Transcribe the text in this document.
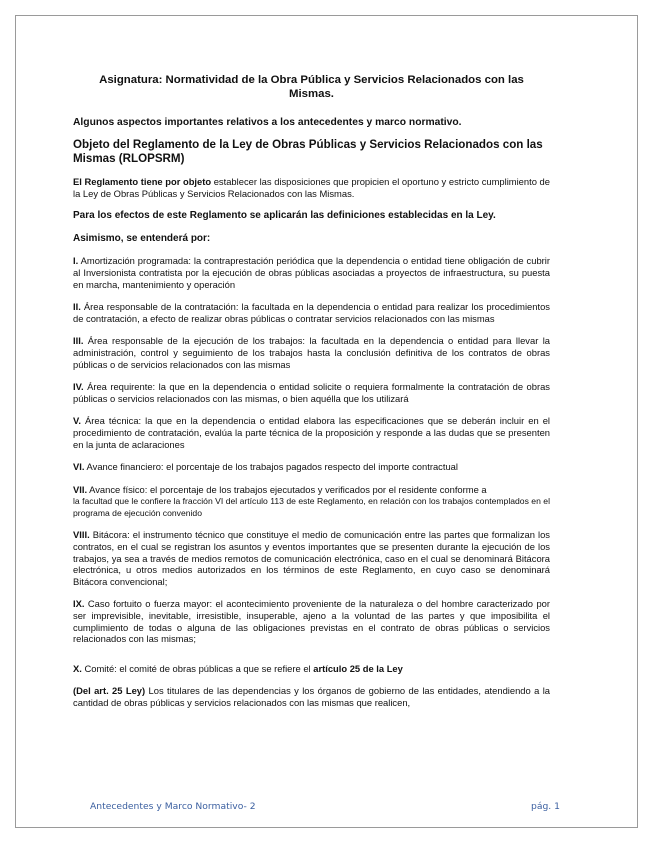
Asignatura: Normatividad de la Obra Pública y Servicios Relacionados con las Mismas.
Algunos aspectos importantes relativos a los antecedentes y marco normativo.
Objeto del Reglamento de la Ley de Obras Públicas y Servicios Relacionados con las Mismas (RLOPSRM)

El Reglamento tiene por objeto establecer las disposiciones que propicien el oportuno y estricto cumplimiento de la Ley de Obras Públicas y Servicios Relacionados con las Mismas.

Para los efectos de este Reglamento se aplicarán las definiciones establecidas en la Ley.

Asimismo, se entenderá por:

I. Amortización programada: la contraprestación periódica que la dependencia o entidad tiene obligación de cubrir al Inversionista contratista por la ejecución de obras públicas asociadas a proyectos de infraestructura, su puesta en marcha, mantenimiento y operación

II. Área responsable de la contratación: la facultada en la dependencia o entidad para realizar los procedimientos de contratación, a efecto de realizar obras públicas o contratar servicios relacionados con las mismas

III. Área responsable de la ejecución de los trabajos: la facultada en la dependencia o entidad para llevar la administración, control y seguimiento de los trabajos hasta la conclusión definitiva de los contratos de obras públicas o de servicios relacionados con las mismas

IV. Área requirente: la que en la dependencia o entidad solicite o requiera formalmente la contratación de obras públicas o servicios relacionados con las mismas, o bien aquélla que los utilizará

V. Área técnica: la que en la dependencia o entidad elabora las especificaciones que se deberán incluir en el procedimiento de contratación, evalúa la parte técnica de la proposición y responde a las dudas que se presenten en la junta de aclaraciones

VI. Avance financiero: el porcentaje de los trabajos pagados respecto del importe contractual

VII. Avance físico: el porcentaje de los trabajos ejecutados y verificados por el residente conforme a
la facultad que le confiere la fracción VI del artículo 113 de este Reglamento, en relación con los trabajos contemplados en el programa de ejecución convenido

VIII. Bitácora: el instrumento técnico que constituye el medio de comunicación entre las partes que formalizan los contratos, en el cual se registran los asuntos y eventos importantes que se presenten durante la ejecución de los trabajos, ya sea a través de medios remotos de comunicación electrónica, caso en el cual se denominará Bitácora electrónica, u otros medios autorizados en los términos de este Reglamento, en cuyo caso se denominará Bitácora convencional;

IX. Caso fortuito o fuerza mayor: el acontecimiento proveniente de la naturaleza o del hombre caracterizado por ser imprevisible, inevitable, irresistible, insuperable, ajeno a la voluntad de las partes y que imposibilita el cumplimiento de todas o alguna de las obligaciones previstas en el contrato de obras públicas o servicios relacionados con las mismas;

X. Comité: el comité de obras públicas a que se refiere el artículo 25 de la Ley

(Del art. 25 Ley) Los titulares de las dependencias y los órganos de gobierno de las entidades, atendiendo a la cantidad de obras públicas y servicios relacionados con las mismas que realicen,

Antecedentes y Marco Normativo- 2	pág. 1
